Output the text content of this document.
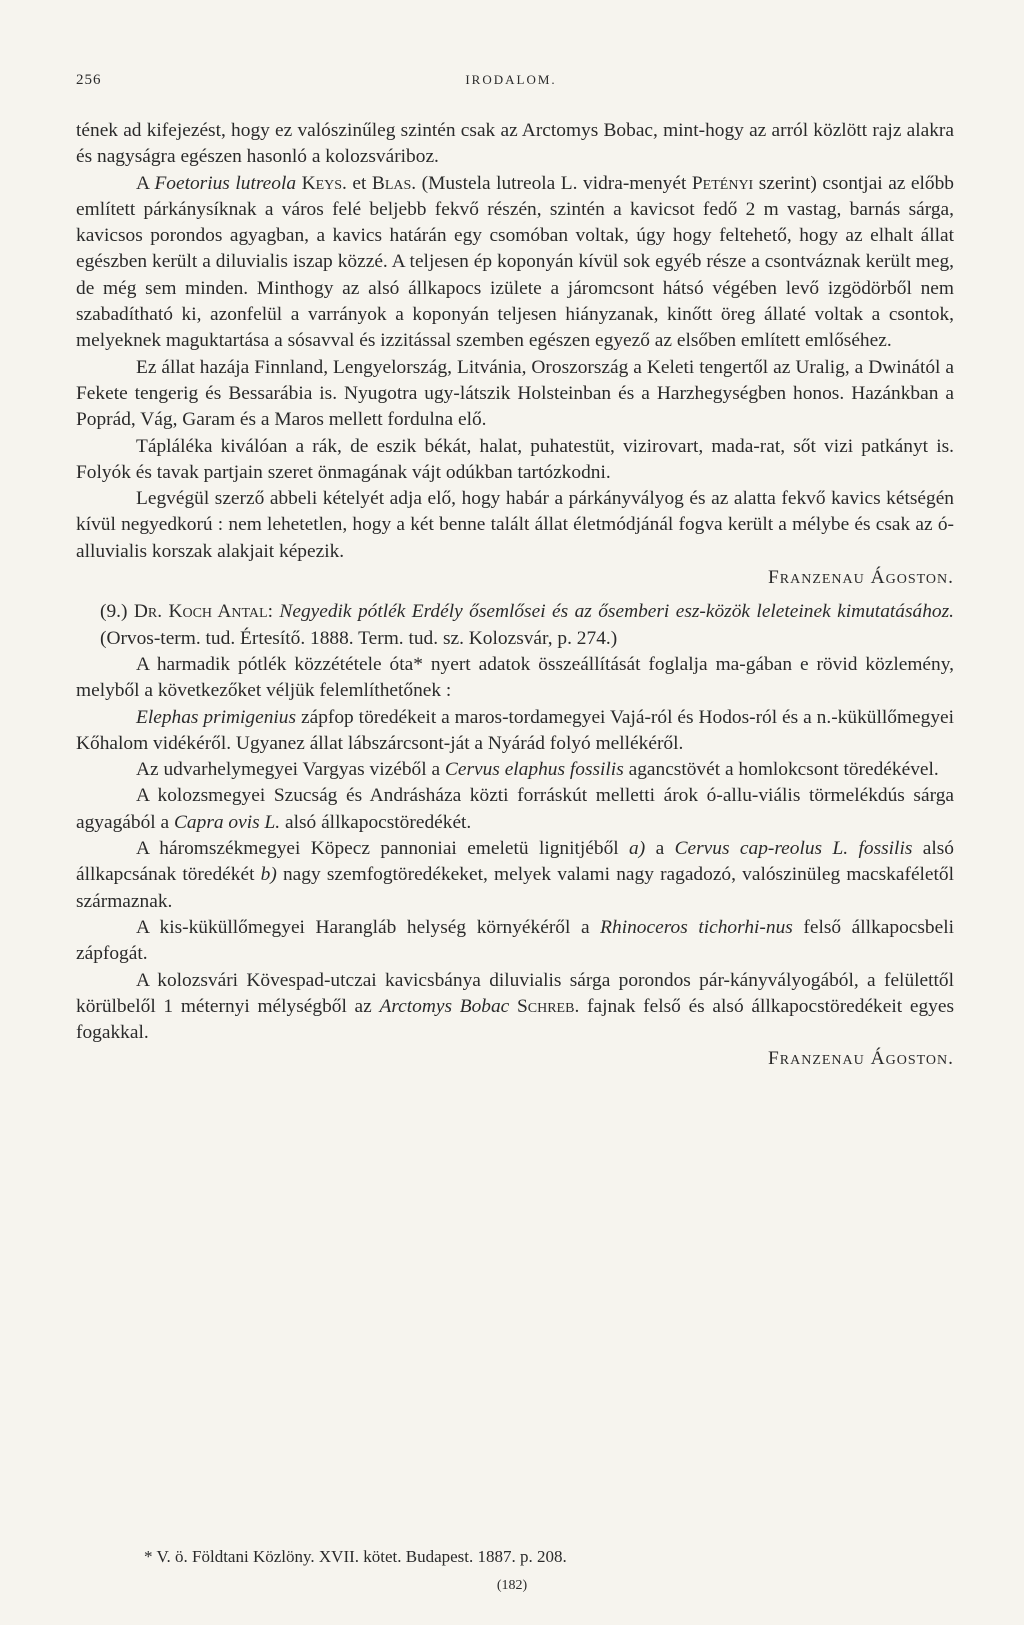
256	IRODALOM.

tének ad kifejezést, hogy ez valószinűleg szintén csak az Arctomys Bobac, mint-hogy az arról közlött rajz alakra és nagyságra egészen hasonló a kolozsváriboz.

A Foetorius lutreola Keys. et Blas. (Mustela lutreola L. vidra-menyét Petényi szerint) csontjai az előbb említett párkánysíknak a város felé beljebb fekvő részén, szintén a kavicsot fedő 2 m vastag, barnás sárga, kavicsos porondos agyagban, a kavics határán egy csomóban voltak, úgy hogy feltehető, hogy az elhalt állat egészben került a diluvialis iszap közzé. A teljesen ép koponyán kívül sok egyéb része a csontváznak került meg, de még sem minden. Minthogy az alsó állkapocs izülete a járomcsont hátsó végében levő izgödörből nem szabadítható ki, azonfelül a varrányok a koponyán teljesen hiányzanak, kinőtt öreg állaté voltak a csontok, melyeknek maguktartása a sósavval és izzitással szemben egészen egyező az elsőben említett emlőséhez.

Ez állat hazája Finnland, Lengyelország, Litvánia, Oroszország a Keleti tengertől az Uralig, a Dwinától a Fekete tengerig és Bessarábia is. Nyugotra ugy-látszik Holsteinban és a Harzhegységben honos. Hazánkban a Poprád, Vág, Garam és a Maros mellett fordulna elő.

Tápláléka kiválóan a rák, de eszik békát, halat, puhatestüt, vizirovart, mada-rat, sőt vizi patkányt is. Folyók és tavak partjain szeret önmagának vájt odúkban tartózkodni.

Legvégül szerző abbeli kételyét adja elő, hogy habár a párkányvályog és az alatta fekvő kavics kétségén kívül negyedkorú : nem lehetetlen, hogy a két benne talált állat életmódjánál fogva került a mélybe és csak az ó-alluvialis korszak alakjait képezik.

Franzenau Ágoston.

(9.) Dr. Koch Antal: Negyedik pótlék Erdély ősemlősei és az ősemberi esz-közök leleteinek kimutatásához. (Orvos-term. tud. Értesítő. 1888. Term. tud. sz. Kolozsvár, p. 274.)

A harmadik pótlék közzététele óta* nyert adatok összeállítását foglalja ma-gában e rövid közlemény, melyből a következőket véljük felemlíthetőnek :

Elephas primigenius zápfop töredékeit a maros-tordamegyei Vajá-ról és Hodos-ról és a n.-küküllőmegyei Kőhalom vidékéről. Ugyanez állat lábszárcsont-ját a Nyárád folyó mellékéről.

Az udvarhelymegyei Vargyas vizéből a Cervus elaphus fossilis agancstövét a homlokcsont töredékével.

A kolozsmegyei Szucság és Andrásháza közti forráskút melletti árok ó-allu-viális törmelékdús sárga agyagából a Capra ovis L. alsó állkapocstöredékét.

A háromszékmegyei Köpecz pannoniai emeletü lignitjéből a) a Cervus cap-reolus L. fossilis alsó állkapcsának töredékét b) nagy szemfogtöredékeket, melyek valami nagy ragadozó, valószinüleg macskaféletől származnak.

A kis-küküllőmegyei Harangláb helység környékéről a Rhinoceros tichorhi-nus felső állkapocsbeli zápfogát.

A kolozsvári Kövespad-utczai kavicsbánya diluvialis sárga porondos pár-kányvályogából, a felülettől körülbelől 1 méternyi mélységből az Arctomys Bobac Schreb. fajnak felső és alsó állkapocstöredékeit egyes fogakkal.

Franzenau Ágoston.

* V. ö. Földtani Közlöny. XVII. kötet. Budapest. 1887. p. 208.
(182)
